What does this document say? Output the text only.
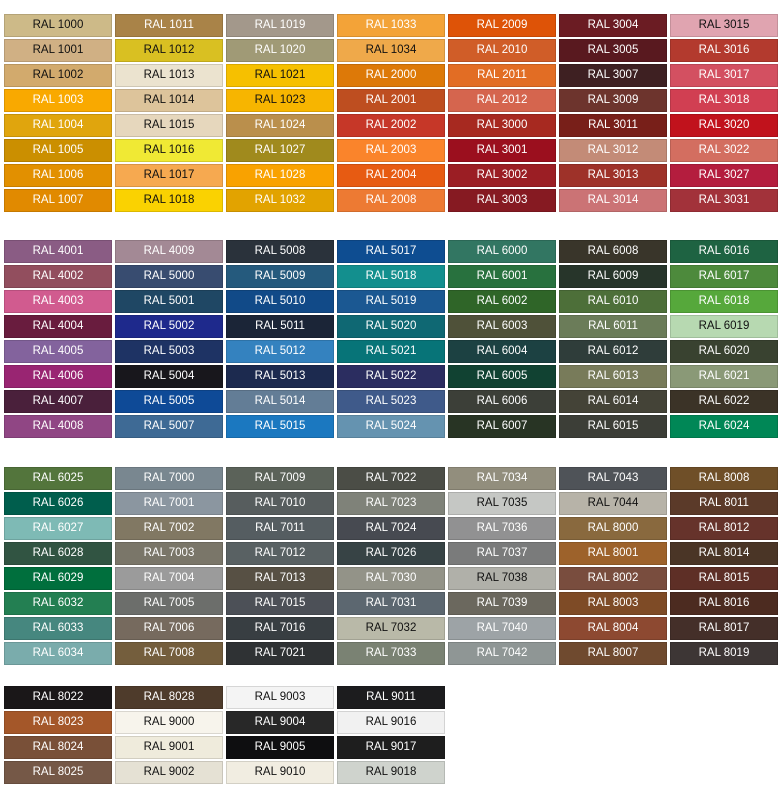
RAL 1000	RAL 1011	RAL 1019	RAL 1033	RAL 2009	RAL 3004	RAL 3015
RAL 1001	RAL 1012	RAL 1020	RAL 1034	RAL 2010	RAL 3005	RAL 3016
RAL 1002	RAL 1013	RAL 1021	RAL 2000	RAL 2011	RAL 3007	RAL 3017
RAL 1003	RAL 1014	RAL 1023	RAL 2001	RAL 2012	RAL 3009	RAL 3018
RAL 1004	RAL 1015	RAL 1024	RAL 2002	RAL 3000	RAL 3011	RAL 3020
RAL 1005	RAL 1016	RAL 1027	RAL 2003	RAL 3001	RAL 3012	RAL 3022
RAL 1006	RAL 1017	RAL 1028	RAL 2004	RAL 3002	RAL 3013	RAL 3027
RAL 1007	RAL 1018	RAL 1032	RAL 2008	RAL 3003	RAL 3014	RAL 3031
RAL 4001	RAL 4009	RAL 5008	RAL 5017	RAL 6000	RAL 6008	RAL 6016
RAL 4002	RAL 5000	RAL 5009	RAL 5018	RAL 6001	RAL 6009	RAL 6017
RAL 4003	RAL 5001	RAL 5010	RAL 5019	RAL 6002	RAL 6010	RAL 6018
RAL 4004	RAL 5002	RAL 5011	RAL 5020	RAL 6003	RAL 6011	RAL 6019
RAL 4005	RAL 5003	RAL 5012	RAL 5021	RAL 6004	RAL 6012	RAL 6020
RAL 4006	RAL 5004	RAL 5013	RAL 5022	RAL 6005	RAL 6013	RAL 6021
RAL 4007	RAL 5005	RAL 5014	RAL 5023	RAL 6006	RAL 6014	RAL 6022
RAL 4008	RAL 5007	RAL 5015	RAL 5024	RAL 6007	RAL 6015	RAL 6024
RAL 6025	RAL 7000	RAL 7009	RAL 7022	RAL 7034	RAL 7043	RAL 8008
RAL 6026	RAL 7001	RAL 7010	RAL 7023	RAL 7035	RAL 7044	RAL 8011
RAL 6027	RAL 7002	RAL 7011	RAL 7024	RAL 7036	RAL 8000	RAL 8012
RAL 6028	RAL 7003	RAL 7012	RAL 7026	RAL 7037	RAL 8001	RAL 8014
RAL 6029	RAL 7004	RAL 7013	RAL 7030	RAL 7038	RAL 8002	RAL 8015
RAL 6032	RAL 7005	RAL 7015	RAL 7031	RAL 7039	RAL 8003	RAL 8016
RAL 6033	RAL 7006	RAL 7016	RAL 7032	RAL 7040	RAL 8004	RAL 8017
RAL 6034	RAL 7008	RAL 7021	RAL 7033	RAL 7042	RAL 8007	RAL 8019
RAL 8022	RAL 8028	RAL 9003	RAL 9011
RAL 8023	RAL 9000	RAL 9004	RAL 9016
RAL 8024	RAL 9001	RAL 9005	RAL 9017
RAL 8025	RAL 9002	RAL 9010	RAL 9018
